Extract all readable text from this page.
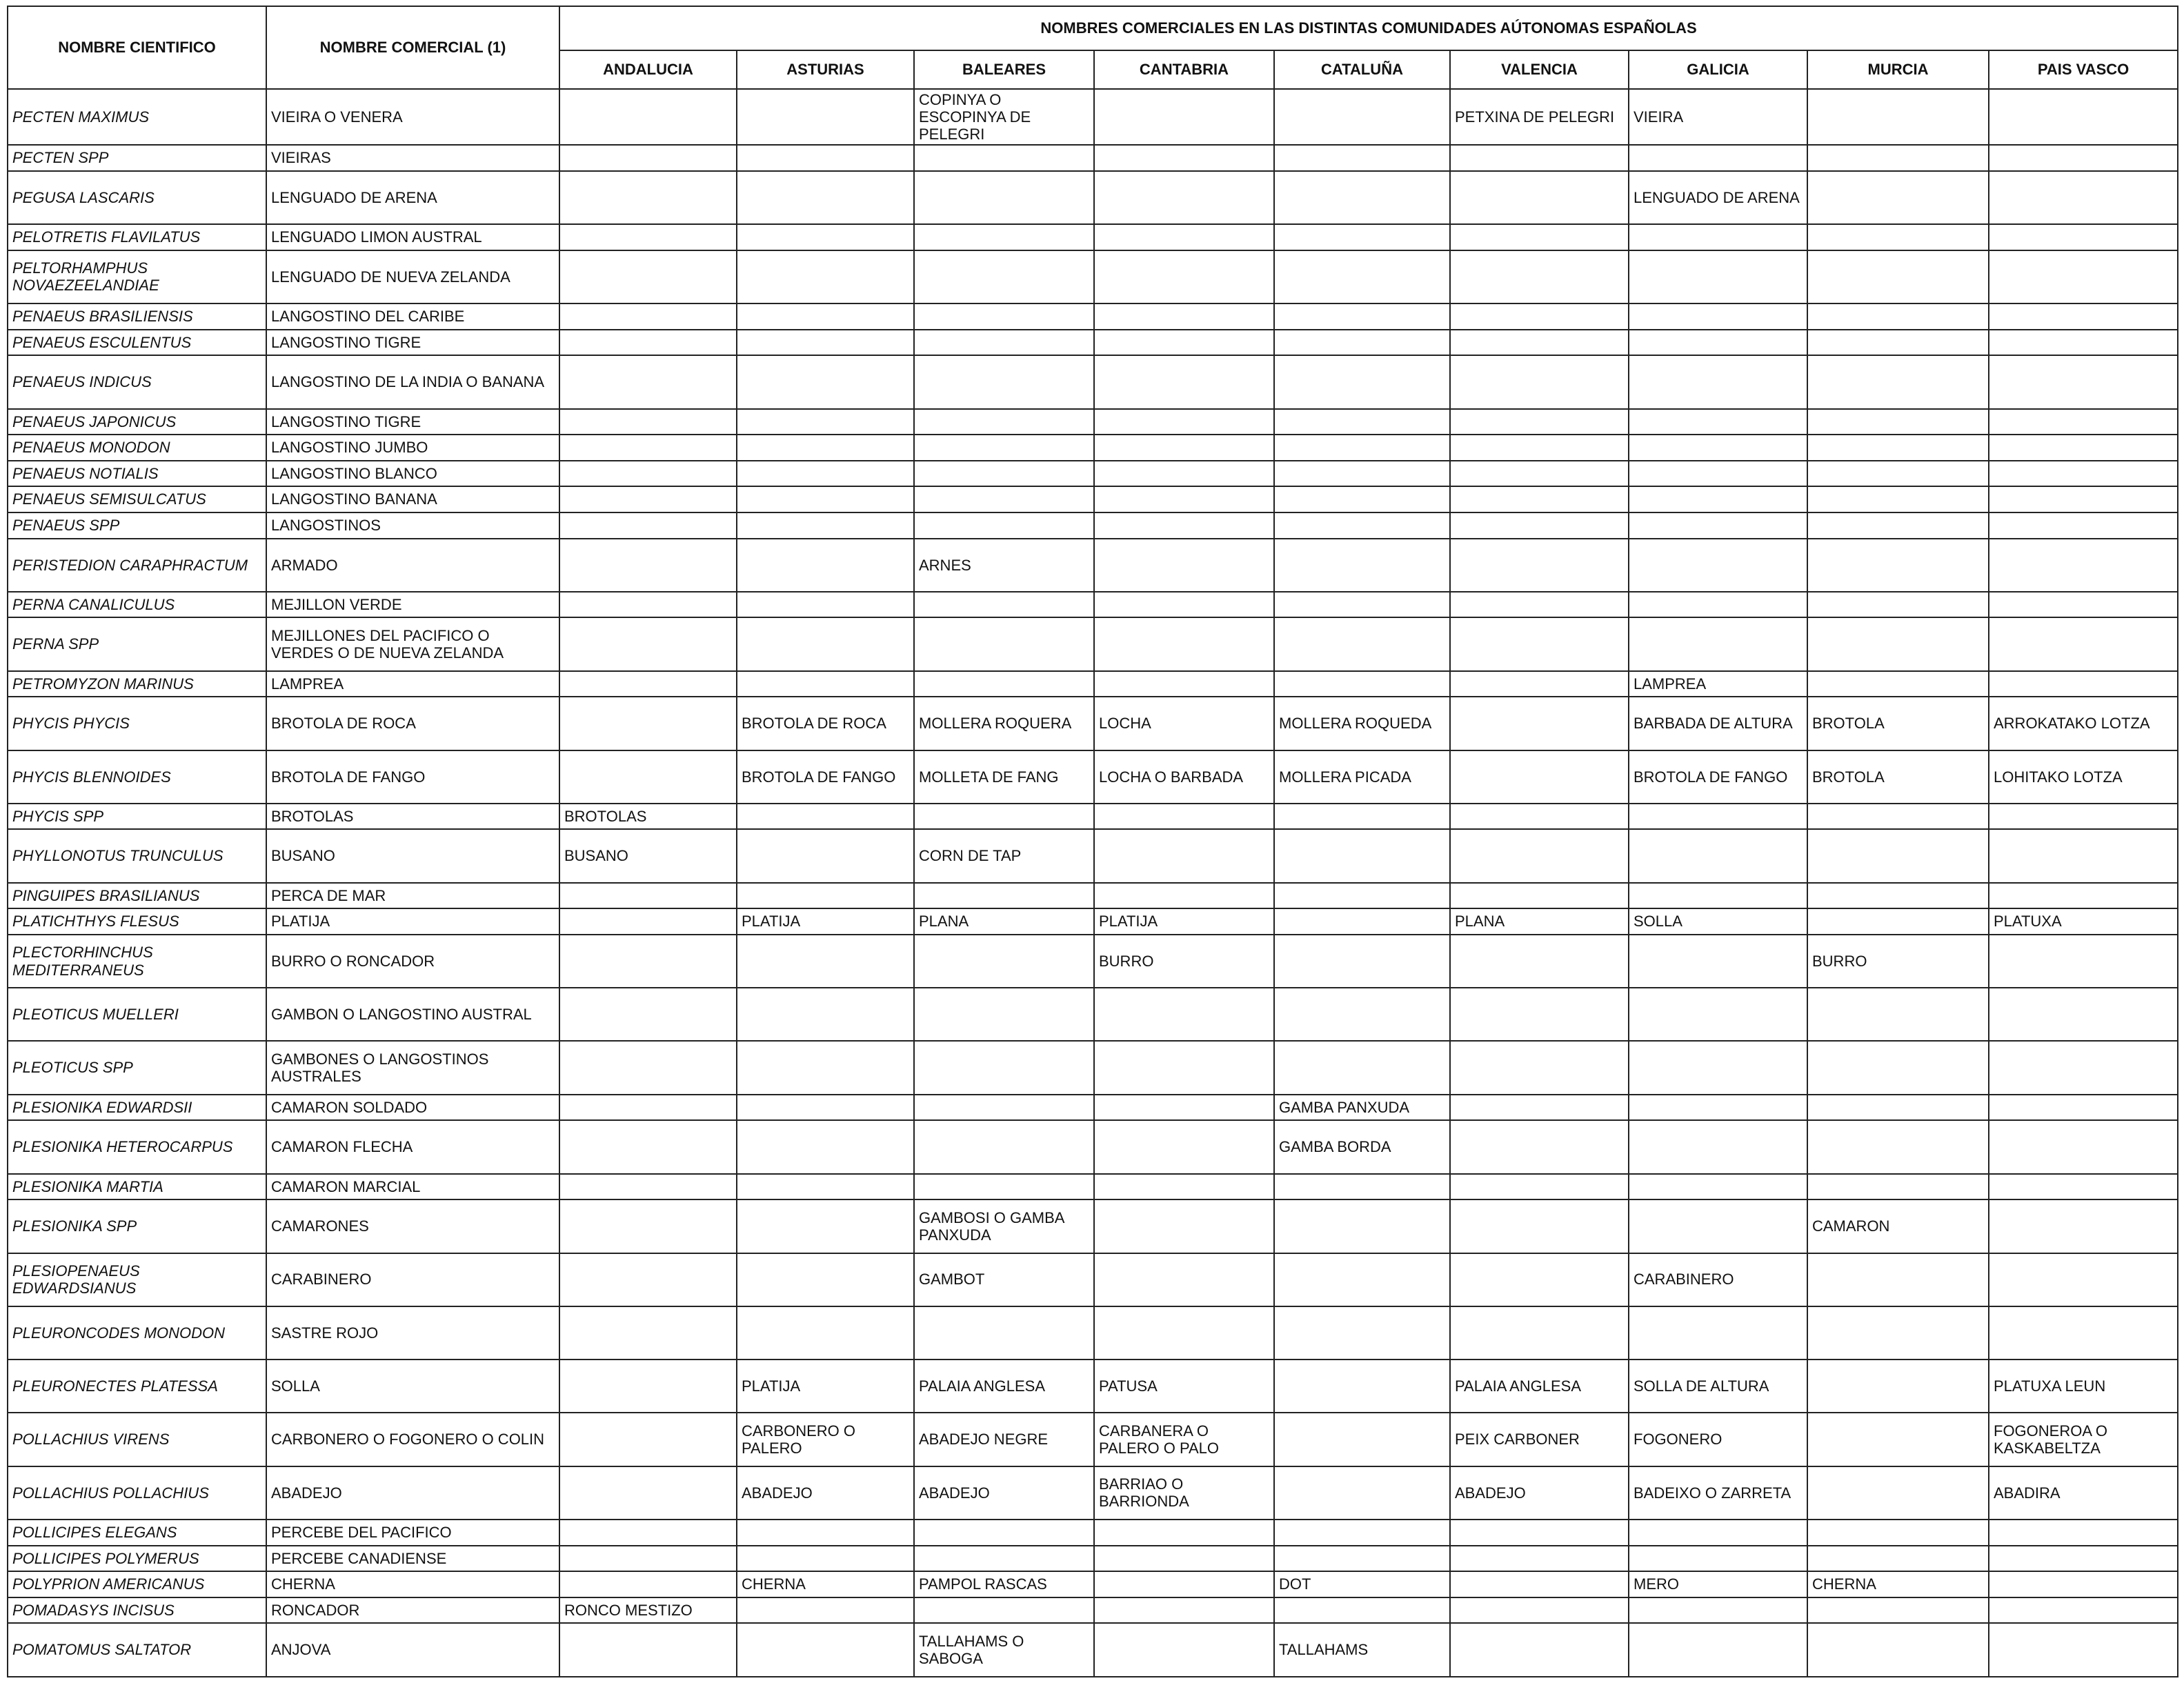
NOMBRE CIENTIFICO	NOMBRE COMERCIAL (1)	NOMBRES COMERCIALES EN LAS DISTINTAS COMUNIDADES AÚTONOMAS ESPAÑOLAS								
		ANDALUCIA	ASTURIAS	BALEARES	CANTABRIA	CATALUÑA	VALENCIA	GALICIA	MURCIA	PAIS VASCO
PECTEN MAXIMUS	VIEIRA O VENERA			COPINYA O ESCOPINYA DE PELEGRI			PETXINA DE PELEGRI	VIEIRA		
PECTEN SPP	VIEIRAS									
PEGUSA LASCARIS	LENGUADO DE ARENA							LENGUADO DE ARENA		
PELOTRETIS FLAVILATUS	LENGUADO LIMON AUSTRAL									
PELTORHAMPHUS NOVAEZEELANDIAE	LENGUADO DE NUEVA ZELANDA									
PENAEUS BRASILIENSIS	LANGOSTINO DEL CARIBE									
PENAEUS ESCULENTUS	LANGOSTINO TIGRE									
PENAEUS INDICUS	LANGOSTINO DE LA INDIA O BANANA									
PENAEUS JAPONICUS	LANGOSTINO TIGRE									
PENAEUS MONODON	LANGOSTINO JUMBO									
PENAEUS NOTIALIS	LANGOSTINO BLANCO									
PENAEUS SEMISULCATUS	LANGOSTINO BANANA									
PENAEUS SPP	LANGOSTINOS									
PERISTEDION CARAPHRACTUM	ARMADO			ARNES						
PERNA CANALICULUS	MEJILLON VERDE									
PERNA SPP	MEJILLONES DEL PACIFICO O VERDES O DE NUEVA ZELANDA									
PETROMYZON MARINUS	LAMPREA							LAMPREA		
PHYCIS PHYCIS	BROTOLA DE ROCA		BROTOLA DE ROCA	MOLLERA ROQUERA	LOCHA	MOLLERA ROQUEDA		BARBADA DE ALTURA	BROTOLA	ARROKATAKO LOTZA
PHYCIS BLENNOIDES	BROTOLA DE FANGO		BROTOLA DE FANGO	MOLLETA DE FANG	LOCHA O BARBADA	MOLLERA PICADA		BROTOLA DE FANGO	BROTOLA	LOHITAKO LOTZA
PHYCIS SPP	BROTOLAS	BROTOLAS								
PHYLLONOTUS TRUNCULUS	BUSANO	BUSANO		CORN DE TAP						
PINGUIPES BRASILIANUS	PERCA DE MAR									
PLATICHTHYS FLESUS	PLATIJA		PLATIJA	PLANA	PLATIJA		PLANA	SOLLA		PLATUXA
PLECTORHINCHUS MEDITERRANEUS	BURRO O RONCADOR				BURRO				BURRO	
PLEOTICUS MUELLERI	GAMBON O LANGOSTINO AUSTRAL									
PLEOTICUS SPP	GAMBONES O LANGOSTINOS AUSTRALES									
PLESIONIKA EDWARDSII	CAMARON SOLDADO					GAMBA PANXUDA				
PLESIONIKA HETEROCARPUS	CAMARON FLECHA					GAMBA BORDA				
PLESIONIKA MARTIA	CAMARON MARCIAL									
PLESIONIKA SPP	CAMARONES			GAMBOSI O GAMBA PANXUDA					CAMARON	
PLESIOPENAEUS EDWARDSIANUS	CARABINERO			GAMBOT				CARABINERO		
PLEURONCODES MONODON	SASTRE ROJO									
PLEURONECTES PLATESSA	SOLLA		PLATIJA	PALAIA ANGLESA	PATUSA		PALAIA ANGLESA	SOLLA DE ALTURA		PLATUXA LEUN
POLLACHIUS VIRENS	CARBONERO O FOGONERO O COLIN		CARBONERO O PALERO	ABADEJO NEGRE	CARBANERA O PALERO O PALO		PEIX CARBONER	FOGONERO		FOGONEROA O KASKABELTZA
POLLACHIUS POLLACHIUS	ABADEJO		ABADEJO	ABADEJO	BARRIAO O BARRIONDA		ABADEJO	BADEIXO O ZARRETA		ABADIRA
POLLICIPES ELEGANS	PERCEBE DEL PACIFICO									
POLLICIPES POLYMERUS	PERCEBE CANADIENSE									
POLYPRION AMERICANUS	CHERNA		CHERNA	PAMPOL RASCAS		DOT		MERO	CHERNA	
POMADASYS INCISUS	RONCADOR	RONCO MESTIZO								
POMATOMUS SALTATOR	ANJOVA			TALLAHAMS O SABOGA		TALLAHAMS				
